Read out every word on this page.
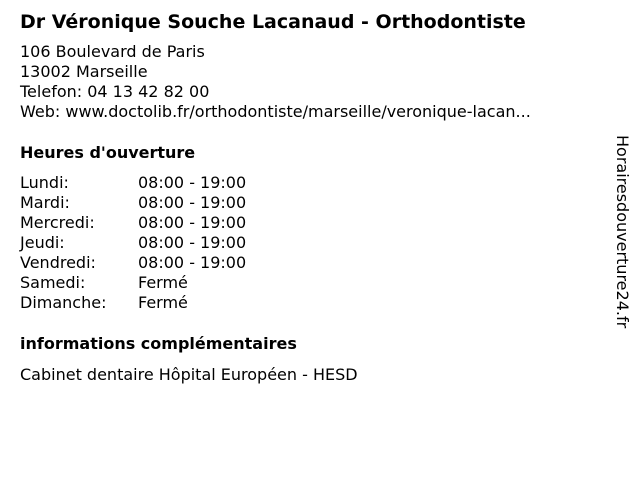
Dr Véronique Souche Lacanaud - Orthodontiste
106 Boulevard de Paris
13002 Marseille
Telefon: 04 13 42 82 00
Web: www.doctolib.fr/orthodontiste/marseille/veronique-lacan...
Heures d'ouverture
Lundi:	08:00 - 19:00
Mardi:	08:00 - 19:00
Mercredi:	08:00 - 19:00
Jeudi:	08:00 - 19:00
Vendredi:	08:00 - 19:00
Samedi:	Fermé
Dimanche:	Fermé
informations complémentaires
Cabinet dentaire Hôpital Européen - HESD
Horairesdouverture24.fr
